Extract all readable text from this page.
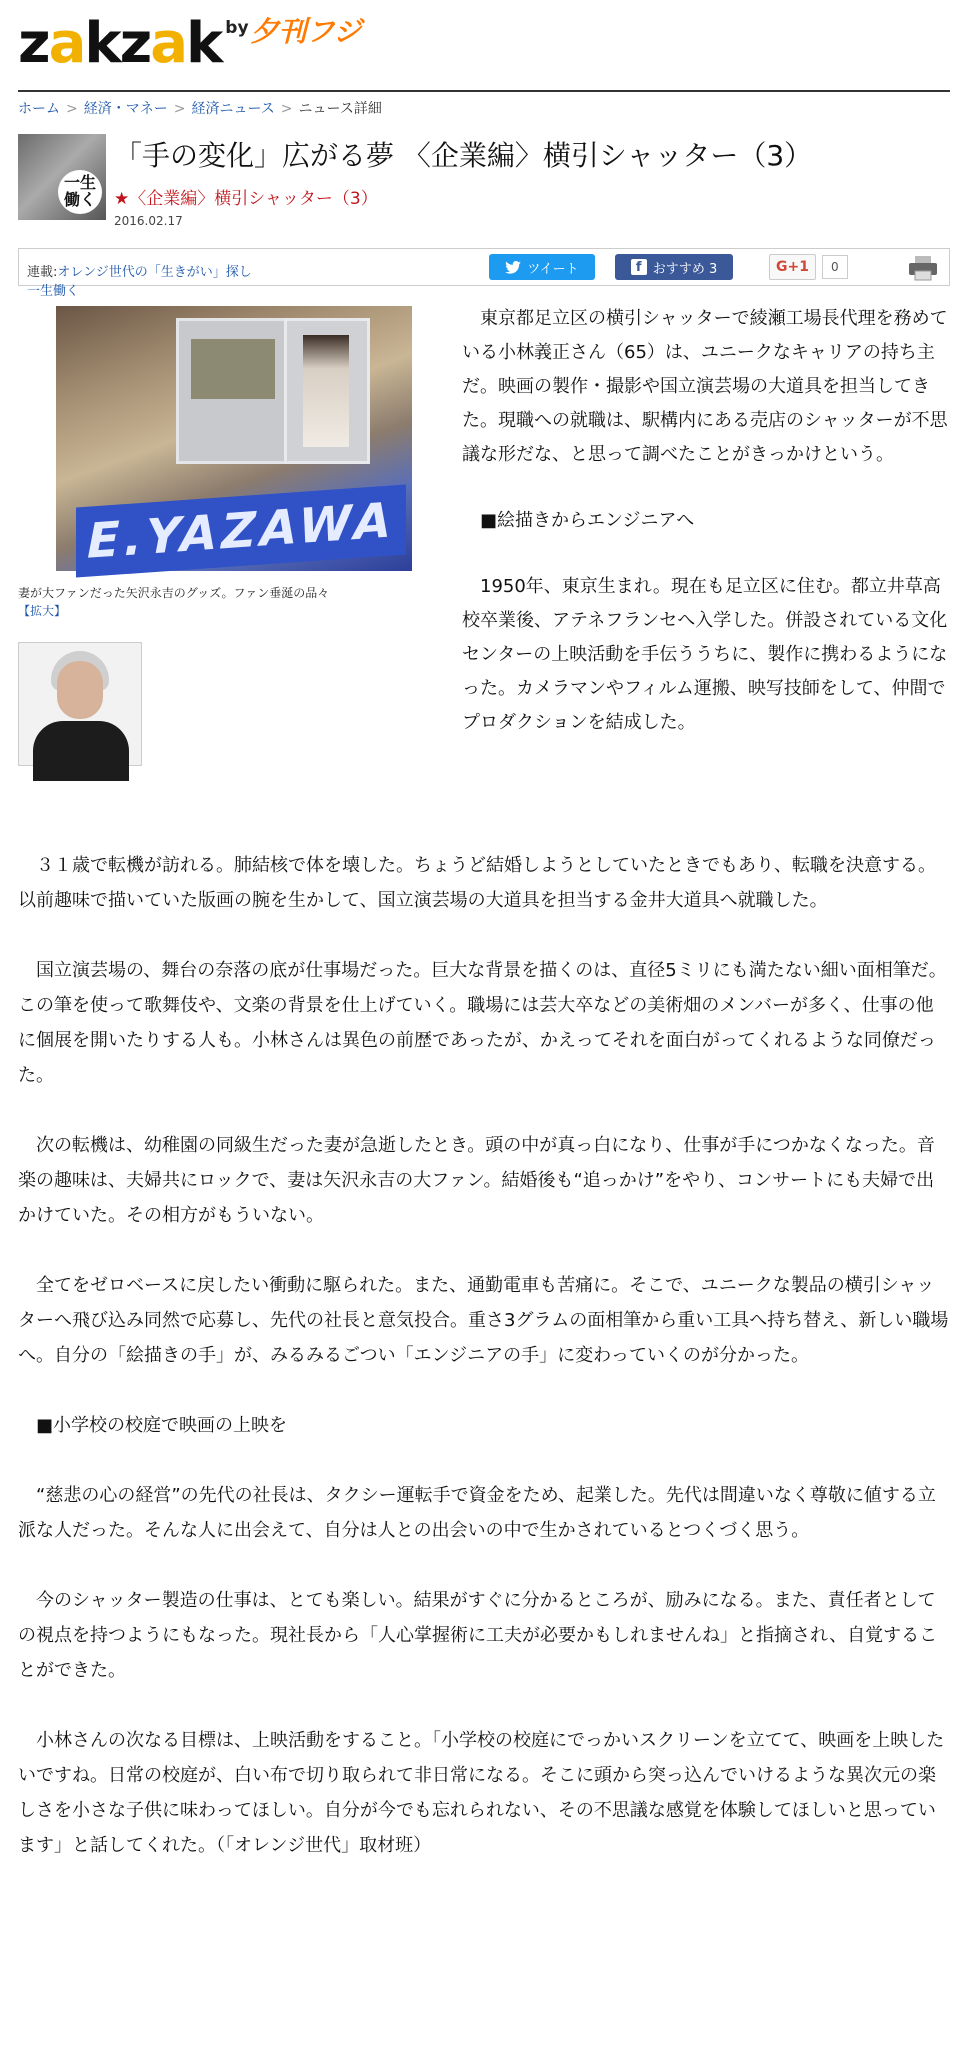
zakzak by 夕刊フジ
ホーム > 経済・マネー > 経済ニュース > ニュース詳細
一生働く
「手の変化」広がる夢 〈企業編〉横引シャッター（3）
★〈企業編〉横引シャッター（3）
2016.02.17
連載:オレンジ世代の「生きがい」探し
一生働く
ツイート	f おすすめ 3	G+1	0
E.YAZAWA
妻が大ファンだった矢沢永吉のグッズ。ファン垂涎の品々
【拡大】

東京都足立区の横引シャッターで綾瀬工場長代理を務めている小林義正さん（65）は、ユニークなキャリアの持ち主だ。映画の製作・撮影や国立演芸場の大道具を担当してきた。現職への就職は、駅構内にある売店のシャッターが不思議な形だな、と思って調べたことがきっかけという。

■絵描きからエンジニアへ

1950年、東京生まれ。現在も足立区に住む。都立井草高校卒業後、アテネフランセへ入学した。併設されている文化センターの上映活動を手伝ううちに、製作に携わるようになった。カメラマンやフィルム運搬、映写技師をして、仲間でプロダクションを結成した。

３１歳で転機が訪れる。肺結核で体を壊した。ちょうど結婚しようとしていたときでもあり、転職を決意する。以前趣味で描いていた版画の腕を生かして、国立演芸場の大道具を担当する金井大道具へ就職した。

国立演芸場の、舞台の奈落の底が仕事場だった。巨大な背景を描くのは、直径5ミリにも満たない細い面相筆だ。この筆を使って歌舞伎や、文楽の背景を仕上げていく。職場には芸大卒などの美術畑のメンバーが多く、仕事の他に個展を開いたりする人も。小林さんは異色の前歴であったが、かえってそれを面白がってくれるような同僚だった。

次の転機は、幼稚園の同級生だった妻が急逝したとき。頭の中が真っ白になり、仕事が手につかなくなった。音楽の趣味は、夫婦共にロックで、妻は矢沢永吉の大ファン。結婚後も“追っかけ”をやり、コンサートにも夫婦で出かけていた。その相方がもういない。

全てをゼロベースに戻したい衝動に駆られた。また、通勤電車も苦痛に。そこで、ユニークな製品の横引シャッターへ飛び込み同然で応募し、先代の社長と意気投合。重さ3グラムの面相筆から重い工具へ持ち替え、新しい職場へ。自分の「絵描きの手」が、みるみるごつい「エンジニアの手」に変わっていくのが分かった。

■小学校の校庭で映画の上映を

“慈悲の心の経営”の先代の社長は、タクシー運転手で資金をため、起業した。先代は間違いなく尊敬に値する立派な人だった。そんな人に出会えて、自分は人との出会いの中で生かされているとつくづく思う。

今のシャッター製造の仕事は、とても楽しい。結果がすぐに分かるところが、励みになる。また、責任者としての視点を持つようにもなった。現社長から「人心掌握術に工夫が必要かもしれませんね」と指摘され、自覚することができた。

小林さんの次なる目標は、上映活動をすること。「小学校の校庭にでっかいスクリーンを立てて、映画を上映したいですね。日常の校庭が、白い布で切り取られて非日常になる。そこに頭から突っ込んでいけるような異次元の楽しさを小さな子供に味わってほしい。自分が今でも忘れられない、その不思議な感覚を体験してほしいと思っています」と話してくれた。（「オレンジ世代」取材班）
